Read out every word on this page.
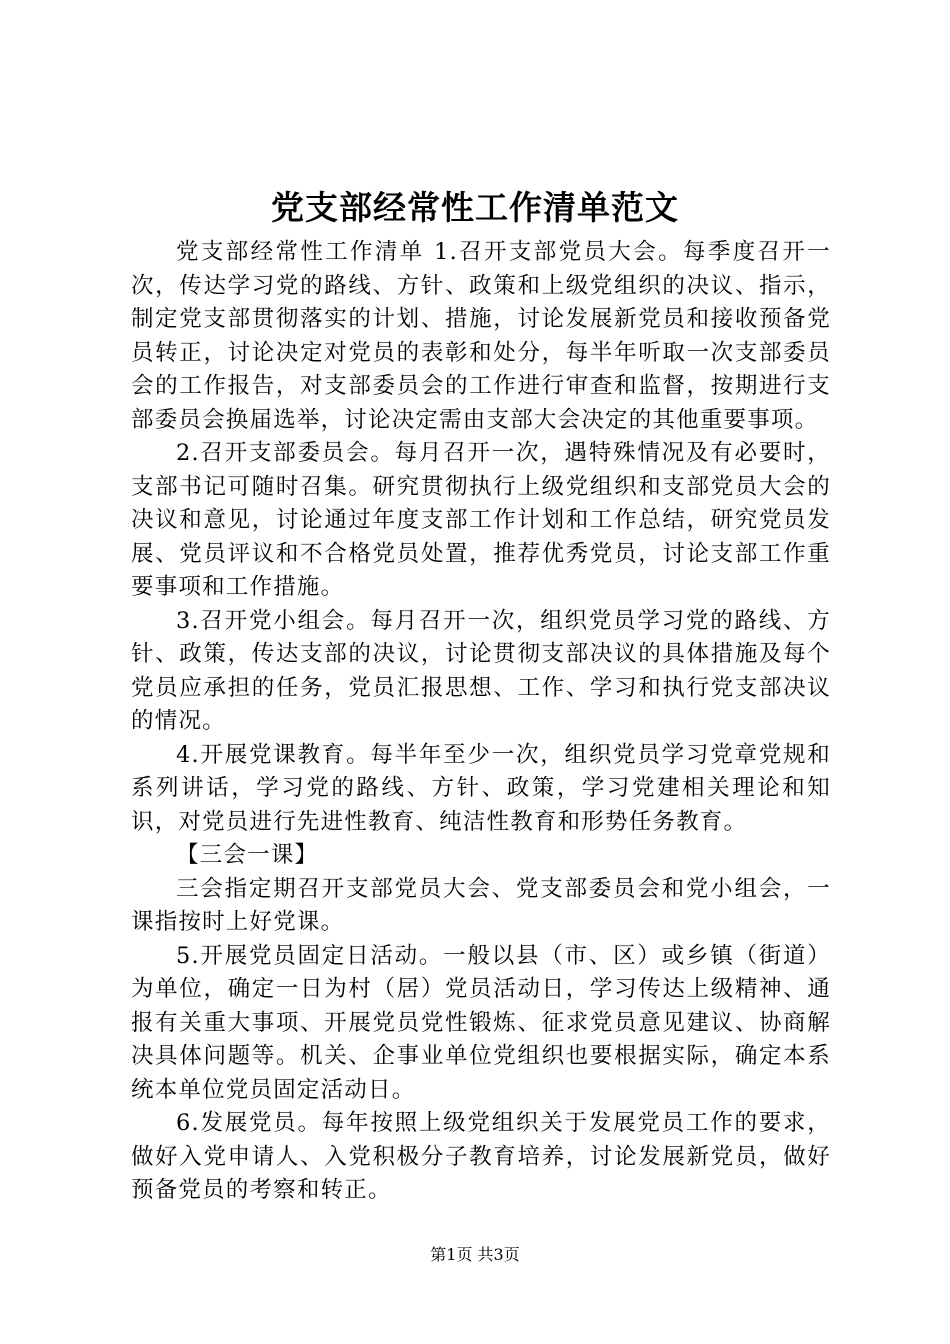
党支部经常性工作清单范文

党支部经常性工作清单 1.召开支部党员大会。每季度召开一次，传达学习党的路线、方针、政策和上级党组织的决议、指示，制定党支部贯彻落实的计划、措施，讨论发展新党员和接收预备党员转正，讨论决定对党员的表彰和处分，每半年听取一次支部委员会的工作报告，对支部委员会的工作进行审查和监督，按期进行支部委员会换届选举，讨论决定需由支部大会决定的其他重要事项。

2.召开支部委员会。每月召开一次，遇特殊情况及有必要时，支部书记可随时召集。研究贯彻执行上级党组织和支部党员大会的决议和意见，讨论通过年度支部工作计划和工作总结，研究党员发展、党员评议和不合格党员处置，推荐优秀党员，讨论支部工作重要事项和工作措施。

3.召开党小组会。每月召开一次，组织党员学习党的路线、方针、政策，传达支部的决议，讨论贯彻支部决议的具体措施及每个党员应承担的任务，党员汇报思想、工作、学习和执行党支部决议的情况。

4.开展党课教育。每半年至少一次，组织党员学习党章党规和系列讲话，学习党的路线、方针、政策，学习党建相关理论和知识，对党员进行先进性教育、纯洁性教育和形势任务教育。

【三会一课】

三会指定期召开支部党员大会、党支部委员会和党小组会，一课指按时上好党课。

5.开展党员固定日活动。一般以县（市、区）或乡镇（街道）为单位，确定一日为村（居）党员活动日，学习传达上级精神、通报有关重大事项、开展党员党性锻炼、征求党员意见建议、协商解决具体问题等。机关、企事业单位党组织也要根据实际，确定本系统本单位党员固定活动日。

6.发展党员。每年按照上级党组织关于发展党员工作的要求，做好入党申请人、入党积极分子教育培养，讨论发展新党员，做好预备党员的考察和转正。

第1页 共3页
